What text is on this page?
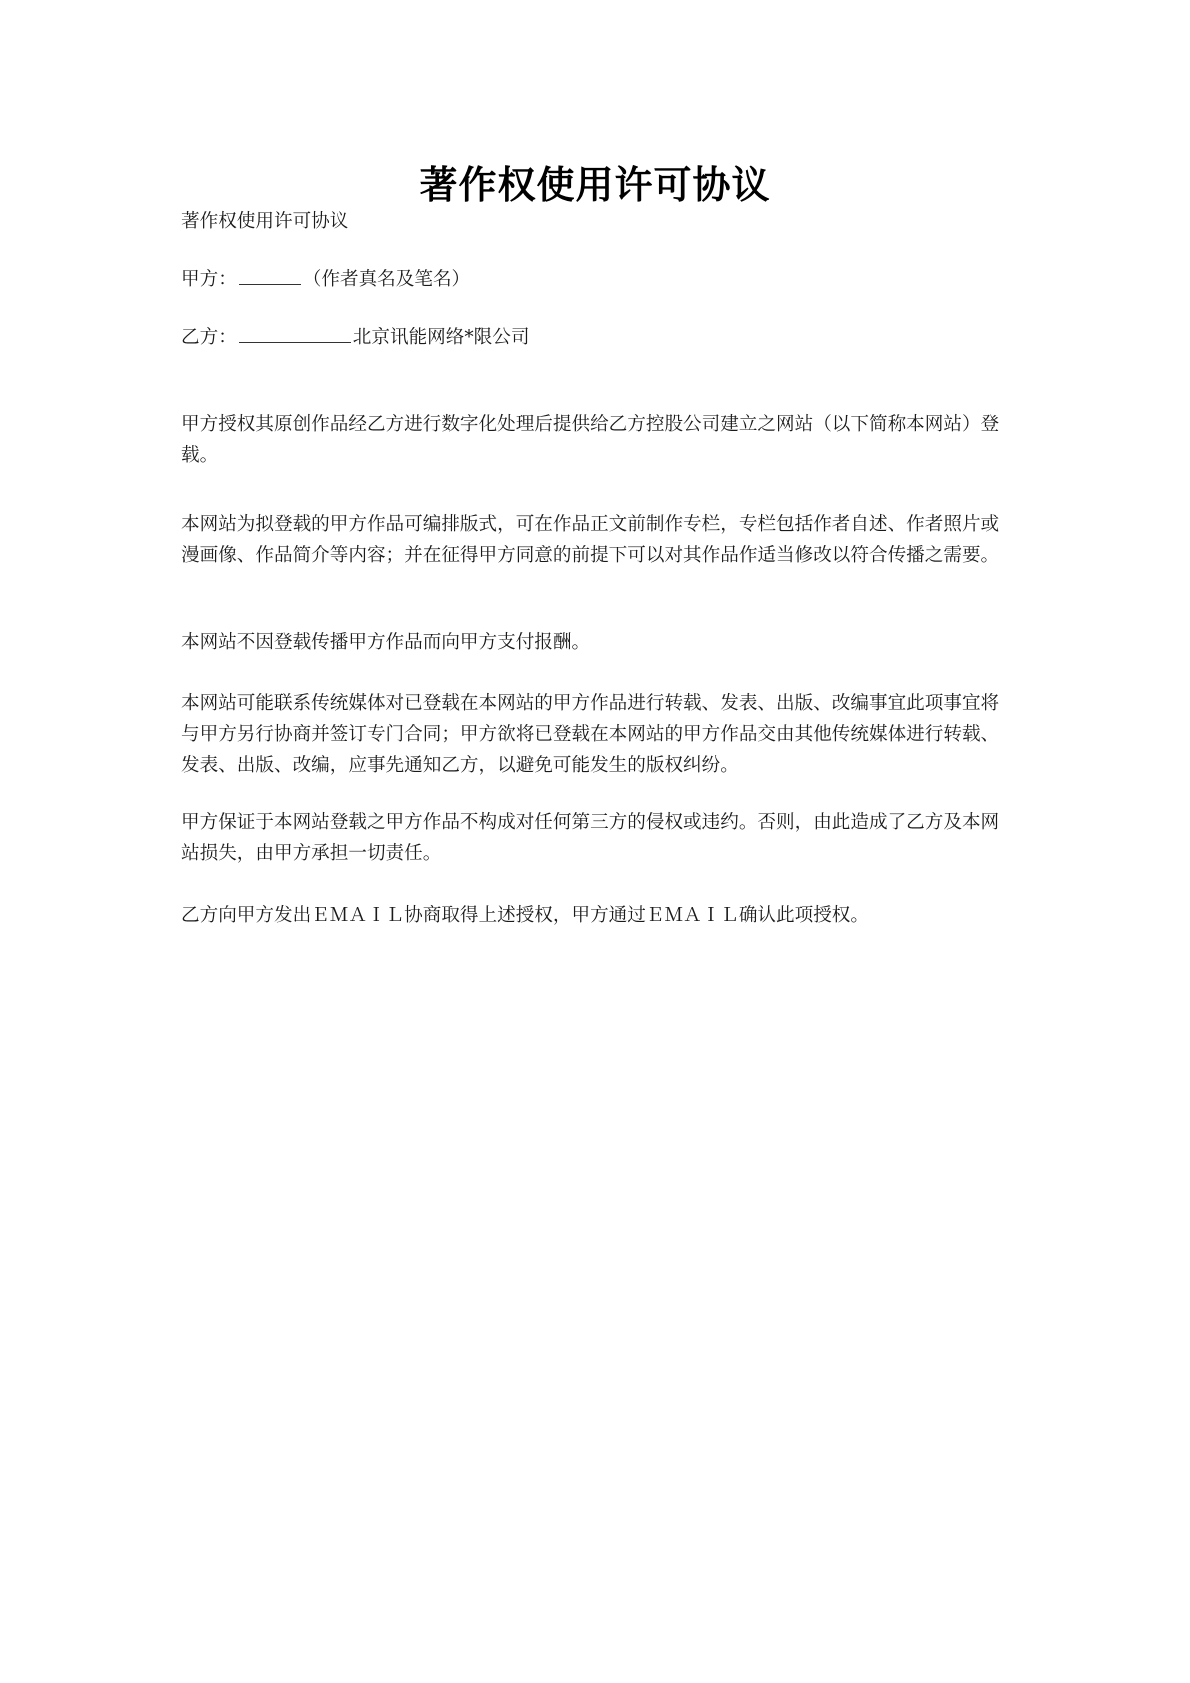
著作权使用许可协议

著作权使用许可协议

甲方：	（作者真名及笔名）

乙方：	北京讯能网络*限公司

甲方授权其原创作品经乙方进行数字化处理后提供给乙方控股公司建立之网站（以下简称本网站）登载。

本网站为拟登载的甲方作品可编排版式，可在作品正文前制作专栏，专栏包括作者自述、作者照片或漫画像、作品简介等内容；并在征得甲方同意的前提下可以对其作品作适当修改以符合传播之需要。

本网站不因登载传播甲方作品而向甲方支付报酬。

本网站可能联系传统媒体对已登载在本网站的甲方作品进行转载、发表、出版、改编事宜此项事宜将与甲方另行协商并签订专门合同；甲方欲将已登载在本网站的甲方作品交由其他传统媒体进行转载、发表、出版、改编，应事先通知乙方，以避免可能发生的版权纠纷。

甲方保证于本网站登载之甲方作品不构成对任何第三方的侵权或违约。否则，由此造成了乙方及本网站损失，由甲方承担一切责任。

乙方向甲方发出ＥＭＡＩＬ协商取得上述授权，甲方通过ＥＭＡＩＬ确认此项授权。
